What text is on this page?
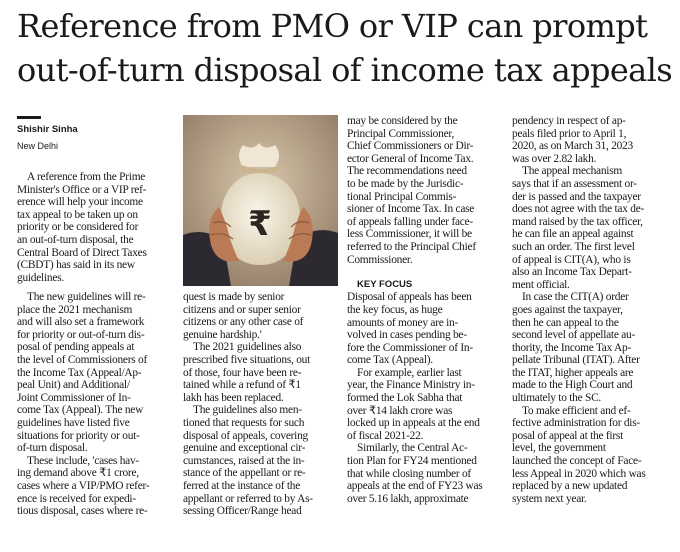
Reference from PMO or VIP can prompt
out-of-turn disposal of income tax appeals
Shishir Sinha
New Delhi
₹

A reference from the Prime
Minister's Office or a VIP ref-
erence will help your income
tax appeal to be taken up on
priority or be considered for
an out-of-turn disposal, the
Central Board of Direct Taxes
(CBDT) has said in its new
guidelines.

The new guidelines will re-
place the 2021 mechanism
and will also set a framework
for priority or out-of-turn dis-
posal of pending appeals at
the level of Commissioners of
the Income Tax (Appeal/Ap-
peal Unit) and Additional/
Joint Commissioner of In-
come Tax (Appeal). The new
guidelines have listed five
situations for priority or out-
of-turn disposal.

These include, 'cases hav-
ing demand above ₹1 crore,
cases where a VIP/PMO refer-
ence is received for expedi-
tious disposal, cases where re-

quest is made by senior
citizens and or super senior
citizens or any other case of
genuine hardship.'

The 2021 guidelines also
prescribed five situations, out
of those, four have been re-
tained while a refund of ₹1
lakh has been replaced.

The guidelines also men-
tioned that requests for such
disposal of appeals, covering
genuine and exceptional cir-
cumstances, raised at the in-
stance of the appellant or re-
ferred at the instance of the
appellant or referred to by As-
sessing Officer/Range head

may be considered by the
Principal Commissioner,
Chief Commissioners or Dir-
ector General of Income Tax.
The recommendations need
to be made by the Jurisdic-
tional Principal Commis-
sioner of Income Tax. In case
of appeals falling under face-
less Commissioner, it will be
referred to the Principal Chief
Commissioner.

KEY FOCUS

Disposal of appeals has been
the key focus, as huge
amounts of money are in-
volved in cases pending be-
fore the Commissioner of In-
come Tax (Appeal).

For example, earlier last
year, the Finance Ministry in-
formed the Lok Sabha that
over ₹14 lakh crore was
locked up in appeals at the end
of fiscal 2021-22.

Similarly, the Central Ac-
tion Plan for FY24 mentioned
that while closing number of
appeals at the end of FY23 was
over 5.16 lakh, approximate

pendency in respect of ap-
peals filed prior to April 1,
2020, as on March 31, 2023
was over 2.82 lakh.

The appeal mechanism
says that if an assessment or-
der is passed and the taxpayer
does not agree with the tax de-
mand raised by the tax officer,
he can file an appeal against
such an order. The first level
of appeal is CIT(A), who is
also an Income Tax Depart-
ment official.

In case the CIT(A) order
goes against the taxpayer,
then he can appeal to the
second level of appellate au-
thority, the Income Tax Ap-
pellate Tribunal (ITAT). After
the ITAT, higher appeals are
made to the High Court and
ultimately to the SC.

To make efficient and ef-
fective administration for dis-
posal of appeal at the first
level, the government
launched the concept of Face-
less Appeal in 2020 which was
replaced by a new updated
system next year.
